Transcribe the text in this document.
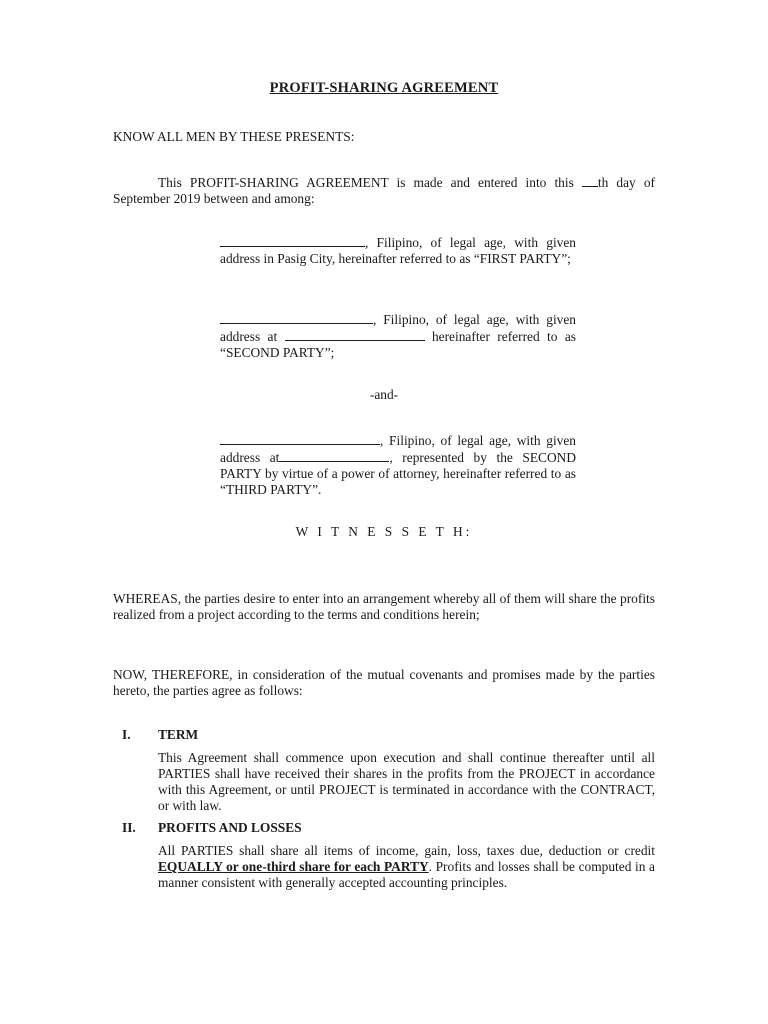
PROFIT-SHARING AGREEMENT
KNOW ALL MEN BY THESE PRESENTS:
This PROFIT-SHARING AGREEMENT is made and entered into this th day of September 2019 between and among:
, Filipino, of legal age, with given address in Pasig City, hereinafter referred to as “FIRST PARTY”;
, Filipino, of legal age, with given address at	hereinafter referred to as “SECOND PARTY”;
-and-
, Filipino, of legal age, with given address at	, represented by the SECOND PARTY by virtue of a power of attorney, hereinafter referred to as “THIRD PARTY”.
W I T N E S S E T H:
WHEREAS, the parties desire to enter into an arrangement whereby all of them will share the profits realized from a project according to the terms and conditions herein;
NOW, THEREFORE, in consideration of the mutual covenants and promises made by the parties hereto, the parties agree as follows:
I. TERM
This Agreement shall commence upon execution and shall continue thereafter until all PARTIES shall have received their shares in the profits from the PROJECT in accordance with this Agreement, or until PROJECT is terminated in accordance with the CONTRACT, or with law.
II. PROFITS AND LOSSES
All PARTIES shall share all items of income, gain, loss, taxes due, deduction or credit EQUALLY or one-third share for each PARTY. Profits and losses shall be computed in a manner consistent with generally accepted accounting principles.
